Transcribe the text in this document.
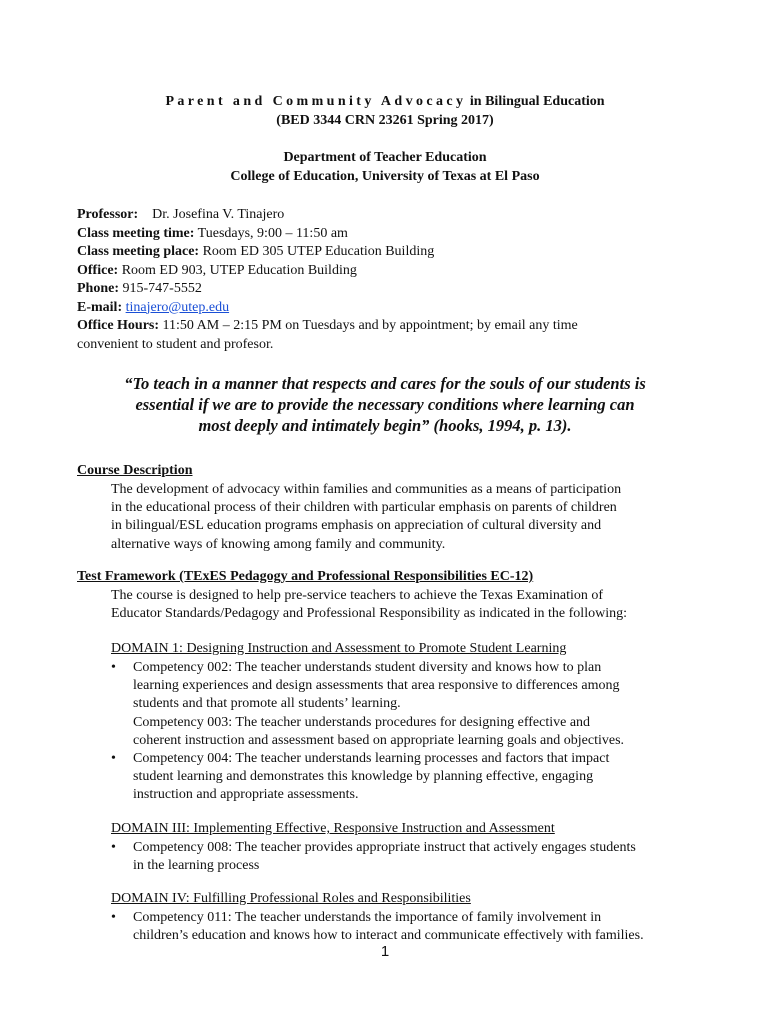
Parent and Community Advocacy in Bilingual Education
(BED 3344 CRN 23261 Spring 2017)
Department of Teacher Education
College of Education, University of Texas at El Paso
Professor: Dr. Josefina V. Tinajero
Class meeting time: Tuesdays, 9:00 – 11:50 am
Class meeting place: Room ED 305 UTEP Education Building
Office: Room ED 903, UTEP Education Building
Phone: 915-747-5552
E-mail: tinajero@utep.edu
Office Hours: 11:50 AM – 2:15 PM on Tuesdays and by appointment; by email any time
convenient to student and profesor.
“To teach in a manner that respects and cares for the souls of our students is
essential if we are to provide the necessary conditions where learning can
most deeply and intimately begin” (hooks, 1994, p. 13).
Course Description
The development of advocacy within families and communities as a means of participation
in the educational process of their children with particular emphasis on parents of children
in bilingual/ESL education programs emphasis on appreciation of cultural diversity and
alternative ways of knowing among family and community.
Test Framework (TExES Pedagogy and Professional Responsibilities EC-12)
The course is designed to help pre-service teachers to achieve the Texas Examination of
Educator Standards/Pedagogy and Professional Responsibility as indicated in the following:
DOMAIN 1: Designing Instruction and Assessment to Promote Student Learning
• Competency 002: The teacher understands student diversity and knows how to plan
learning experiences and design assessments that area responsive to differences among
students and that promote all students’ learning.
Competency 003: The teacher understands procedures for designing effective and
coherent instruction and assessment based on appropriate learning goals and objectives.
• Competency 004: The teacher understands learning processes and factors that impact
student learning and demonstrates this knowledge by planning effective, engaging
instruction and appropriate assessments.
DOMAIN III: Implementing Effective, Responsive Instruction and Assessment
• Competency 008: The teacher provides appropriate instruct that actively engages students
in the learning process
DOMAIN IV: Fulfilling Professional Roles and Responsibilities
• Competency 011: The teacher understands the importance of family involvement in
children’s education and knows how to interact and communicate effectively with families.
1
